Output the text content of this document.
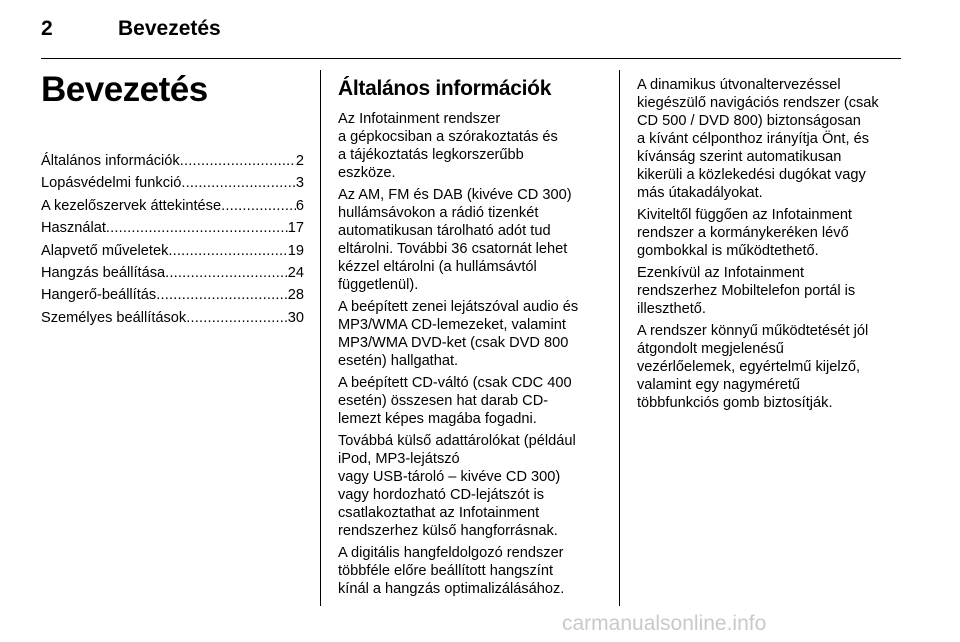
2	Bevezetés
Bevezetés
Általános információk .....	2
Lopásvédelmi funkció .....	3
A kezelőszervek áttekintése .....	6
Használat .....	17
Alapvető műveletek .....	19
Hangzás beállítása .....	24
Hangerő-beállítás .....	28
Személyes beállítások .....	30
Általános információk

Az Infotainment rendszer
a gépkocsiban a szórakoztatás és
a tájékoztatás legkorszerűbb
eszköze.

Az AM, FM és DAB (kivéve CD 300)
hullámsávokon a rádió tizenkét
automatikusan tárolható adót tud
eltárolni. További 36 csatornát lehet
kézzel eltárolni (a hullámsávtól
függetlenül).

A beépített zenei lejátszóval audio és
MP3/WMA CD-lemezeket, valamint
MP3/WMA DVD-ket (csak DVD 800
esetén) hallgathat.

A beépített CD-váltó (csak CDC 400
esetén) összesen hat darab CD-
lemezt képes magába fogadni.

Továbbá külső adattárolókat (például
iPod, MP3-lejátszó
vagy USB-tároló – kivéve CD 300)
vagy hordozható CD-lejátszót is
csatlakoztathat az Infotainment
rendszerhez külső hangforrásnak.

A digitális hangfeldolgozó rendszer
többféle előre beállított hangszínt
kínál a hangzás optimalizálásához.

A dinamikus útvonaltervezéssel
kiegészülő navigációs rendszer (csak
CD 500 / DVD 800) biztonságosan
a kívánt célponthoz irányítja Önt, és
kívánság szerint automatikusan
kikerüli a közlekedési dugókat vagy
más útakadályokat.

Kiviteltől függően az Infotainment
rendszer a kormánykeréken lévő
gombokkal is működtethető.

Ezenkívül az Infotainment
rendszerhez Mobiltelefon portál is
illeszthető.

A rendszer könnyű működtetését jól
átgondolt megjelenésű
vezérlőelemek, egyértelmű kijelző,
valamint egy nagyméretű
többfunkciós gomb biztosítják.

carmanualsonline.info
